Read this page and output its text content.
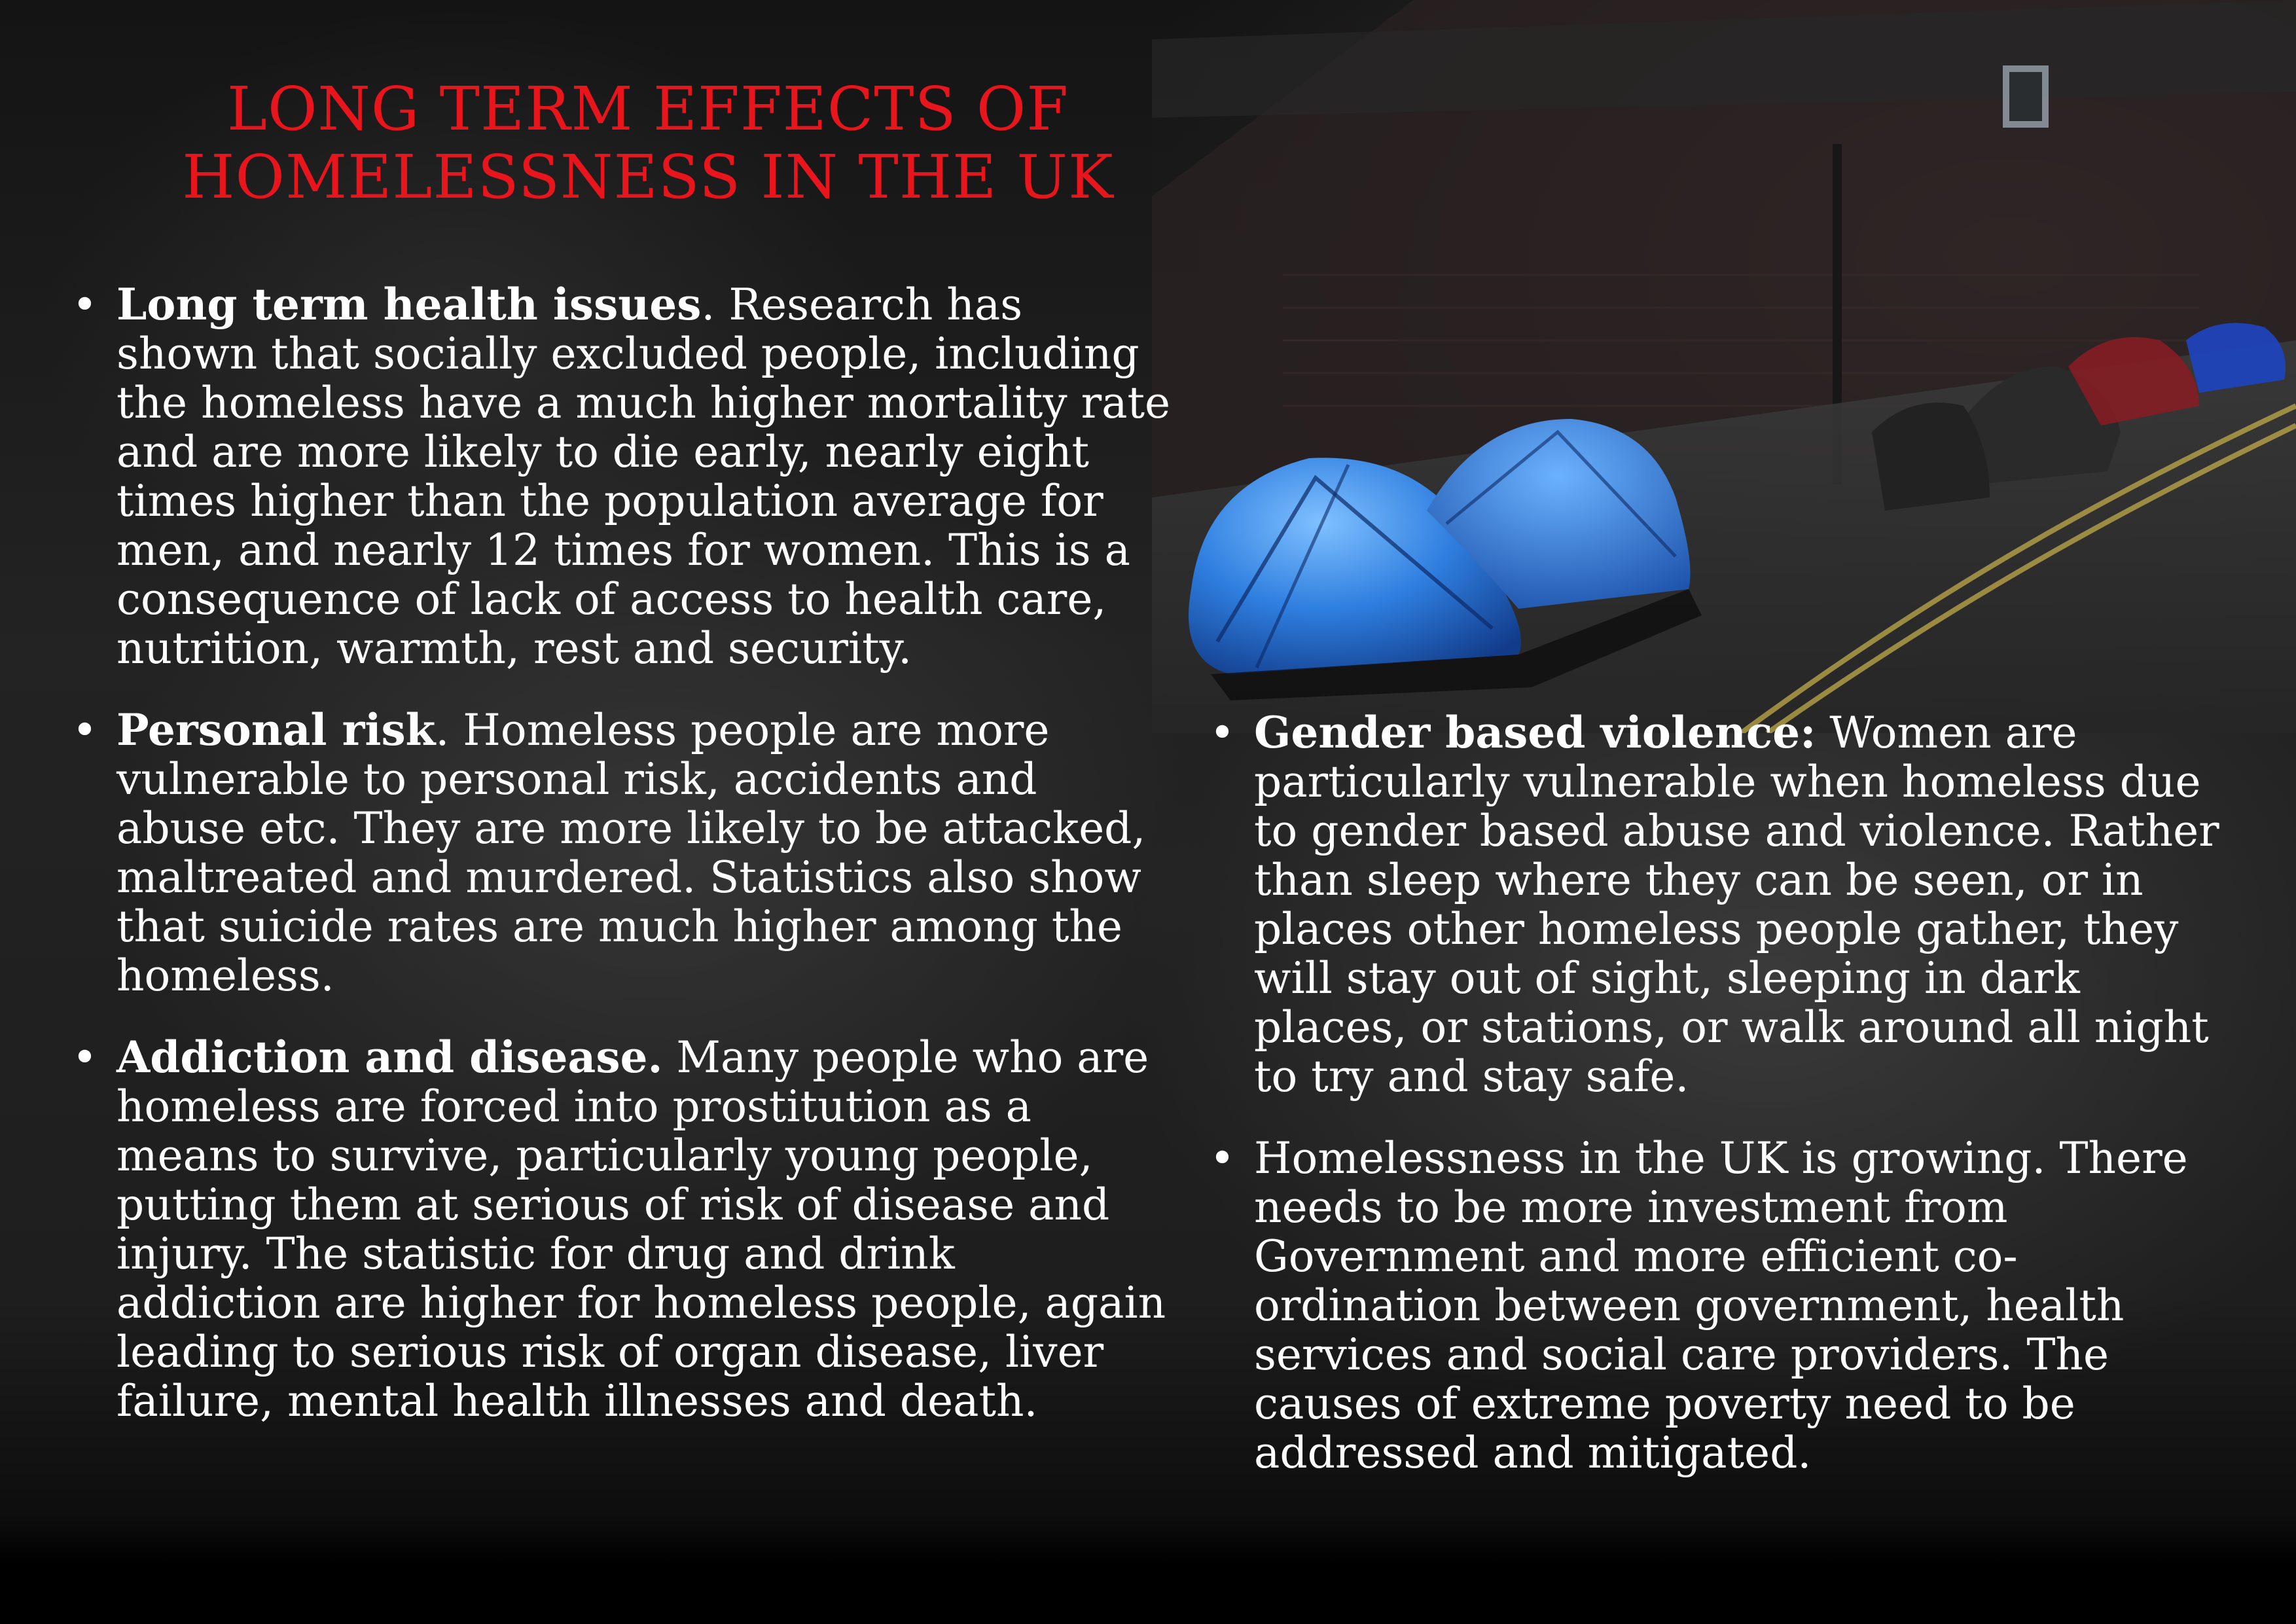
LONG TERM EFFECTS OF
HOMELESSNESS IN THE UK
• Long term health issues. Research has shown that socially excluded people, including the homeless have a much higher mortality rate and are more likely to die early, nearly eight times higher than the population average for men, and nearly 12 times for women. This is a consequence of lack of access to health care, nutrition, warmth, rest and security.
• Personal risk. Homeless people are more vulnerable to personal risk, accidents and abuse etc. They are more likely to be attacked, maltreated and murdered. Statistics also show that suicide rates are much higher among the homeless.
• Addiction and disease. Many people who are homeless are forced into prostitution as a means to survive, particularly young people, putting them at serious of risk of disease and injury. The statistic for drug and drink addiction are higher for homeless people, again leading to serious risk of organ disease, liver failure, mental health illnesses and death.
• Gender based violence: Women are particularly vulnerable when homeless due to gender based abuse and violence. Rather than sleep where they can be seen, or in places other homeless people gather, they will stay out of sight, sleeping in dark places, or stations, or walk around all night to try and stay safe.
• Homelessness in the UK is growing. There needs to be more investment from Government and more efficient co-ordination between government, health services and social care providers. The causes of extreme poverty need to be addressed and mitigated.
